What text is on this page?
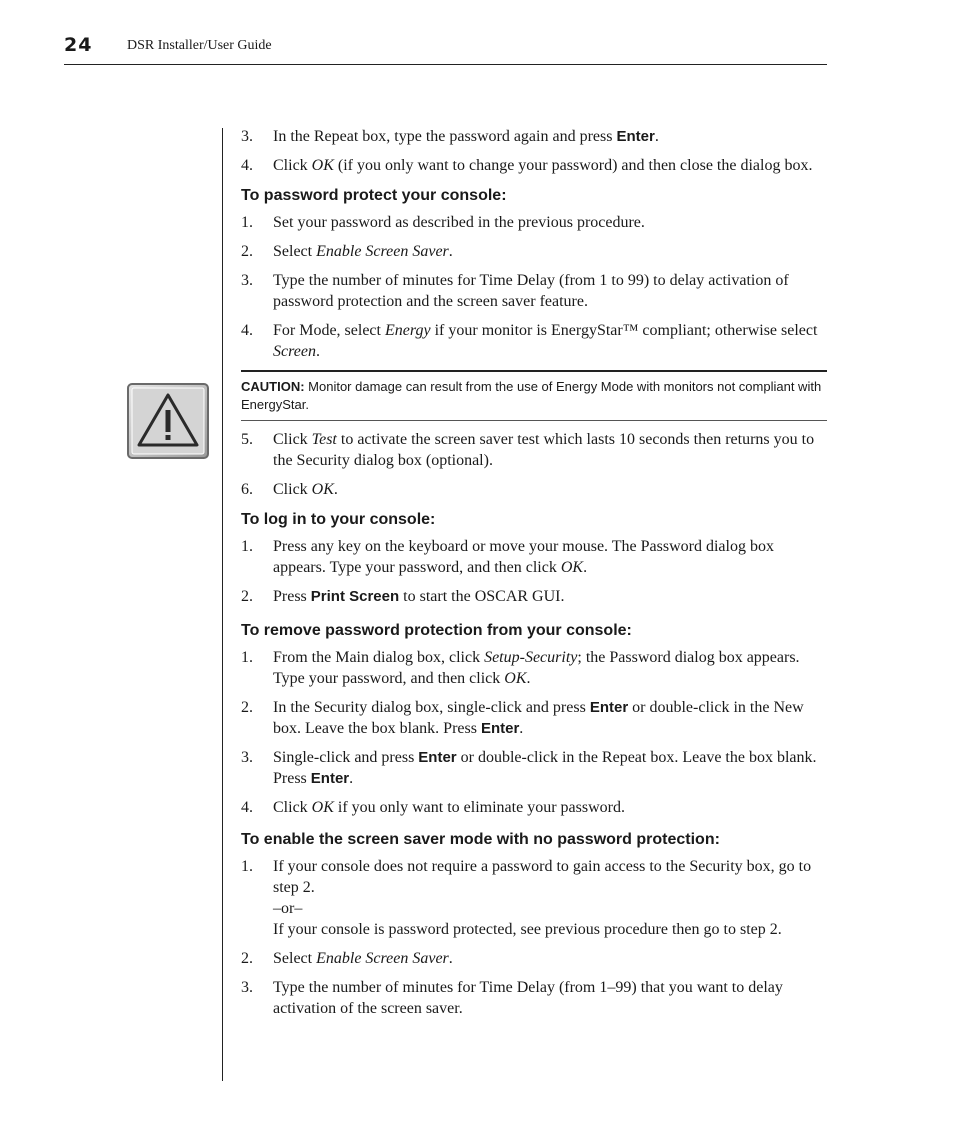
24 DSR Installer/User Guide
3. In the Repeat box, type the password again and press Enter.
4. Click OK (if you only want to change your password) and then close the dialog box.
To password protect your console:
1. Set your password as described in the previous procedure.
2. Select Enable Screen Saver.
3. Type the number of minutes for Time Delay (from 1 to 99) to delay activation of password protection and the screen saver feature.
4. For Mode, select Energy if your monitor is EnergyStar™ compliant; otherwise select Screen.
CAUTION: Monitor damage can result from the use of Energy Mode with monitors not compliant with EnergyStar.
5. Click Test to activate the screen saver test which lasts 10 seconds then returns you to the Security dialog box (optional).
6. Click OK.
To log in to your console:
1. Press any key on the keyboard or move your mouse. The Password dialog box appears. Type your password, and then click OK.
2. Press Print Screen to start the OSCAR GUI.
To remove password protection from your console:
1. From the Main dialog box, click Setup-Security; the Password dialog box appears. Type your password, and then click OK.
2. In the Security dialog box, single-click and press Enter or double-click in the New box. Leave the box blank. Press Enter.
3. Single-click and press Enter or double-click in the Repeat box. Leave the box blank. Press Enter.
4. Click OK if you only want to eliminate your password.
To enable the screen saver mode with no password protection:
1. If your console does not require a password to gain access to the Security box, go to step 2.
–or–
If your console is password protected, see previous procedure then go to step 2.
2. Select Enable Screen Saver.
3. Type the number of minutes for Time Delay (from 1–99) that you want to delay activation of the screen saver.
